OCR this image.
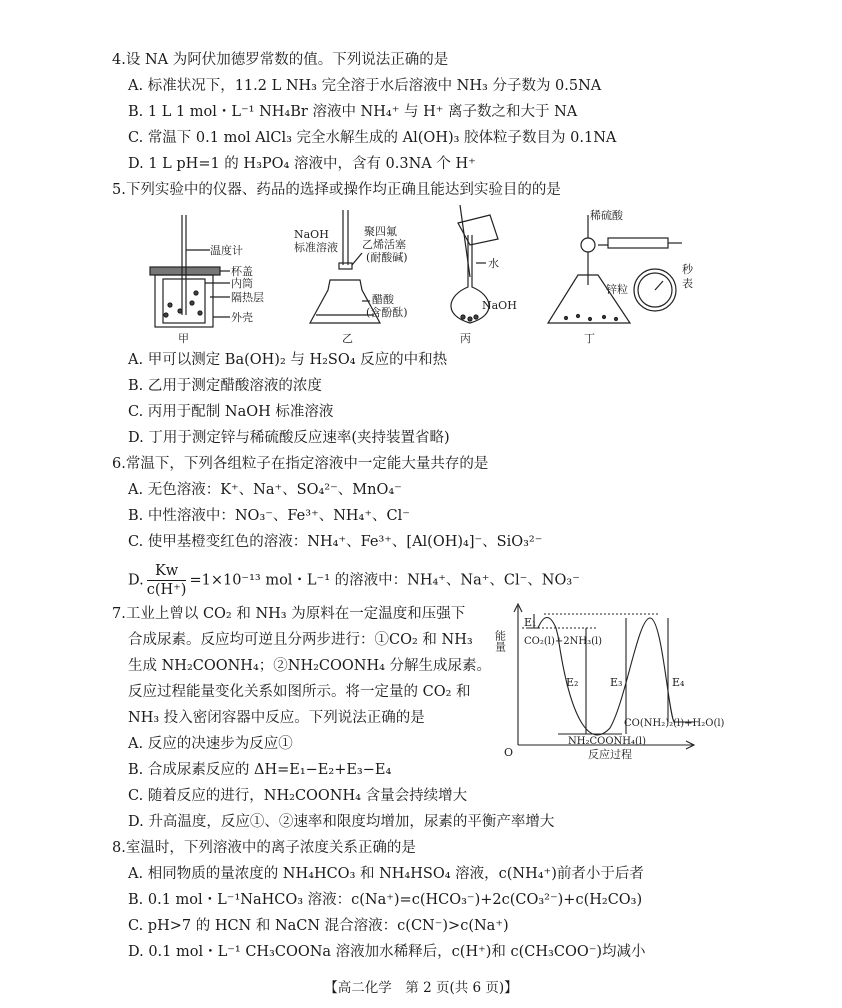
4.设 NA 为阿伏加德罗常数的值。下列说法正确的是
A. 标准状况下，11.2 L NH₃ 完全溶于水后溶液中 NH₃ 分子数为 0.5NA
B. 1 L 1 mol・L⁻¹ NH₄Br 溶液中 NH₄⁺ 与 H⁺ 离子数之和大于 NA
C. 常温下 0.1 mol AlCl₃ 完全水解生成的 Al(OH)₃ 胶体粒子数目为 0.1NA
D. 1 L pH=1 的 H₃PO₄ 溶液中，含有 0.3NA 个 H⁺
5.下列实验中的仪器、药品的选择或操作均正确且能达到实验目的的是
温度计
杯盖
内筒
隔热层
外壳
甲
NaOH
标准溶液
聚四氟
乙烯活塞
(耐酸碱)
醋酸
(含酚酞)
乙
水
NaOH
丙
稀硫酸
锌粒
秒
表
丁
A. 甲可以测定 Ba(OH)₂ 与 H₂SO₄ 反应的中和热
B. 乙用于测定醋酸溶液的浓度
C. 丙用于配制 NaOH 标准溶液
D. 丁用于测定锌与稀硫酸反应速率(夹持装置省略)
6.常温下，下列各组粒子在指定溶液中一定能大量共存的是
A. 无色溶液：K⁺、Na⁺、SO₄²⁻、MnO₄⁻
B. 中性溶液中：NO₃⁻、Fe³⁺、NH₄⁺、Cl⁻
C. 使甲基橙变红色的溶液：NH₄⁺、Fe³⁺、[Al(OH)₄]⁻、SiO₃²⁻
D. $\frac{Kw}{c(H^+)} =1\times 10^{-13}$ mol・L⁻¹ 的溶液中：NH₄⁺、Na⁺、Cl⁻、NO₃⁻
7.工业上曾以 CO₂ 和 NH₃ 为原料在一定温度和压强下
合成尿素。反应均可逆且分两步进行：①CO₂ 和 NH₃
生成 NH₂COONH₄；②NH₂COONH₄ 分解生成尿素。
反应过程能量变化关系如图所示。将一定量的 CO₂ 和
NH₃ 投入密闭容器中反应。下列说法正确的是
A. 反应的决速步为反应①
B. 合成尿素反应的 ΔH=E₁−E₂+E₃−E₄
C. 随着反应的进行，NH₂COONH₄ 含量会持续增大
D. 升高温度，反应①、②速率和限度均增加，尿素的平衡产率增大
能量
E₁
CO₂(l)+2NH₃(l)
E₂	E₃	E₄
CO(NH₂)₂(l)+H₂O(l)
NH₂COONH₄(l)
O	反应过程
8.室温时，下列溶液中的离子浓度关系正确的是
A. 相同物质的量浓度的 NH₄HCO₃ 和 NH₄HSO₄ 溶液，c(NH₄⁺)前者小于后者
B. 0.1 mol・L⁻¹NaHCO₃ 溶液：c(Na⁺)=c(HCO₃⁻)+2c(CO₃²⁻)+c(H₂CO₃)
C. pH>7 的 HCN 和 NaCN 混合溶液：c(CN⁻)>c(Na⁺)
D. 0.1 mol・L⁻¹ CH₃COONa 溶液加水稀释后，c(H⁺)和 c(CH₃COO⁻)均减小
【高二化学　第 2 页(共 6 页)】
